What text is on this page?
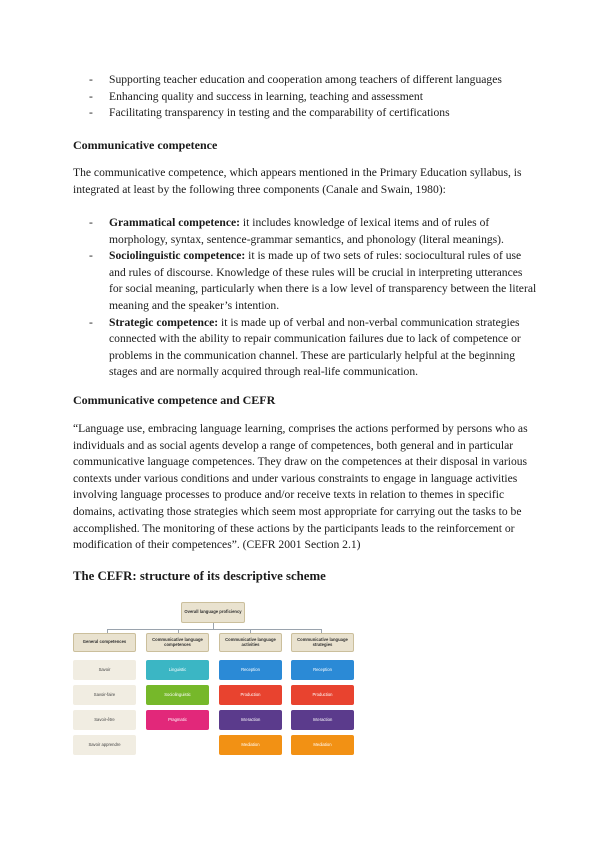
- Supporting teacher education and cooperation among teachers of different languages
- Enhancing quality and success in learning, teaching and assessment
- Facilitating transparency in testing and the comparability of certifications
Communicative competence

The communicative competence, which appears mentioned in the Primary Education syllabus, is integrated at least by the following three components (Canale and Swain, 1980):

- Grammatical competence: it includes knowledge of lexical items and of rules of morphology, syntax, sentence-grammar semantics, and phonology (literal meanings).
- Sociolinguistic competence: it is made up of two sets of rules: sociocultural rules of use and rules of discourse. Knowledge of these rules will be crucial in interpreting utterances for social meaning, particularly when there is a low level of transparency between the literal meaning and the speaker’s intention.
- Strategic competence: it is made up of verbal and non-verbal communication strategies connected with the ability to repair communication failures due to lack of competence or problems in the communication channel. These are particularly helpful at the beginning stages and are normally acquired through real-life communication.
Communicative competence and CEFR

“Language use, embracing language learning, comprises the actions performed by persons who as individuals and as social agents develop a range of competences, both general and in particular communicative language competences. They draw on the competences at their disposal in various contexts under various conditions and under various constraints to engage in language activities involving language processes to produce and/or receive texts in relation to themes in specific domains, activating those strategies which seem most appropriate for carrying out the tasks to be accomplished. The monitoring of these actions by the participants leads to the reinforcement or modification of their competences”. (CEFR 2001 Section 2.1)

The CEFR: structure of its descriptive scheme
Overall language proficiency
General competences
Savoir
Savoir-faire
Savoir-être
Savoir apprendre
Communicative language competences
Linguistic
Sociolinguistic
Pragmatic
Communicative language activities
Reception
Production
Interaction
Mediation
Communicative language strategies
Reception
Production
Interaction
Mediation
